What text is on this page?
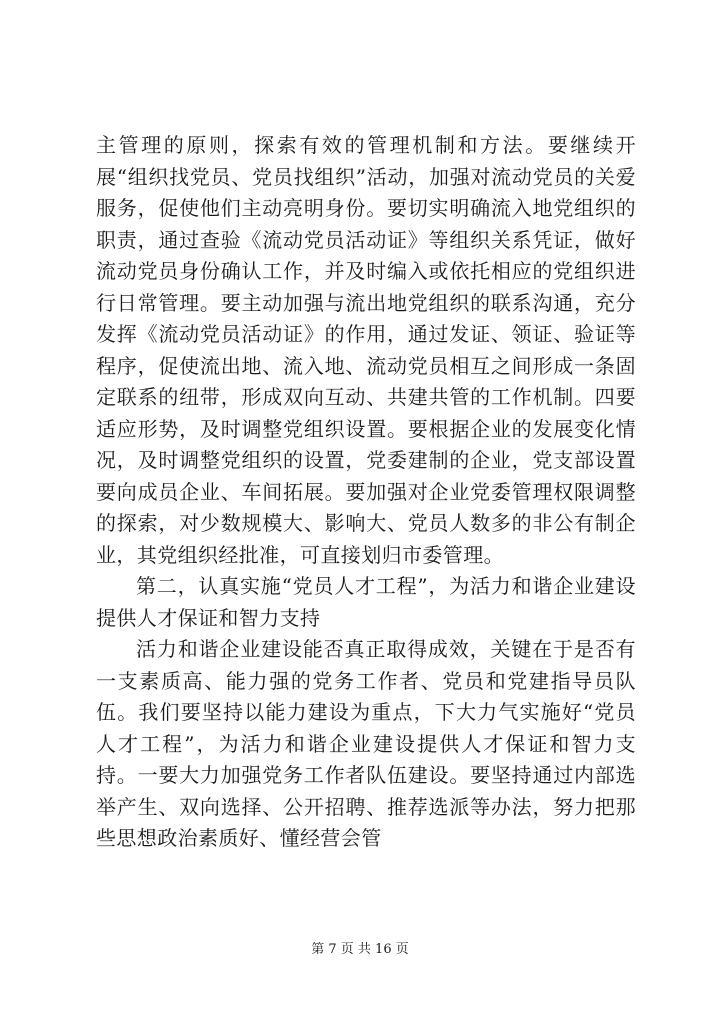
主管理的原则，探索有效的管理机制和方法。要继续开展“组织找党员、党员找组织”活动，加强对流动党员的关爱服务，促使他们主动亮明身份。要切实明确流入地党组织的职责，通过查验《流动党员活动证》等组织关系凭证，做好流动党员身份确认工作，并及时编入或依托相应的党组织进行日常管理。要主动加强与流出地党组织的联系沟通，充分发挥《流动党员活动证》的作用，通过发证、领证、验证等程序，促使流出地、流入地、流动党员相互之间形成一条固定联系的纽带，形成双向互动、共建共管的工作机制。四要适应形势，及时调整党组织设置。要根据企业的发展变化情况，及时调整党组织的设置，党委建制的企业，党支部设置要向成员企业、车间拓展。要加强对企业党委管理权限调整的探索，对少数规模大、影响大、党员人数多的非公有制企业，其党组织经批准，可直接划归市委管理。

第二，认真实施“党员人才工程”，为活力和谐企业建设提供人才保证和智力支持

活力和谐企业建设能否真正取得成效，关键在于是否有一支素质高、能力强的党务工作者、党员和党建指导员队伍。我们要坚持以能力建设为重点，下大力气实施好“党员人才工程”，为活力和谐企业建设提供人才保证和智力支持。一要大力加强党务工作者队伍建设。要坚持通过内部选举产生、双向选择、公开招聘、推荐选派等办法，努力把那些思想政治素质好、懂经营会管

第 7 页 共 16 页
